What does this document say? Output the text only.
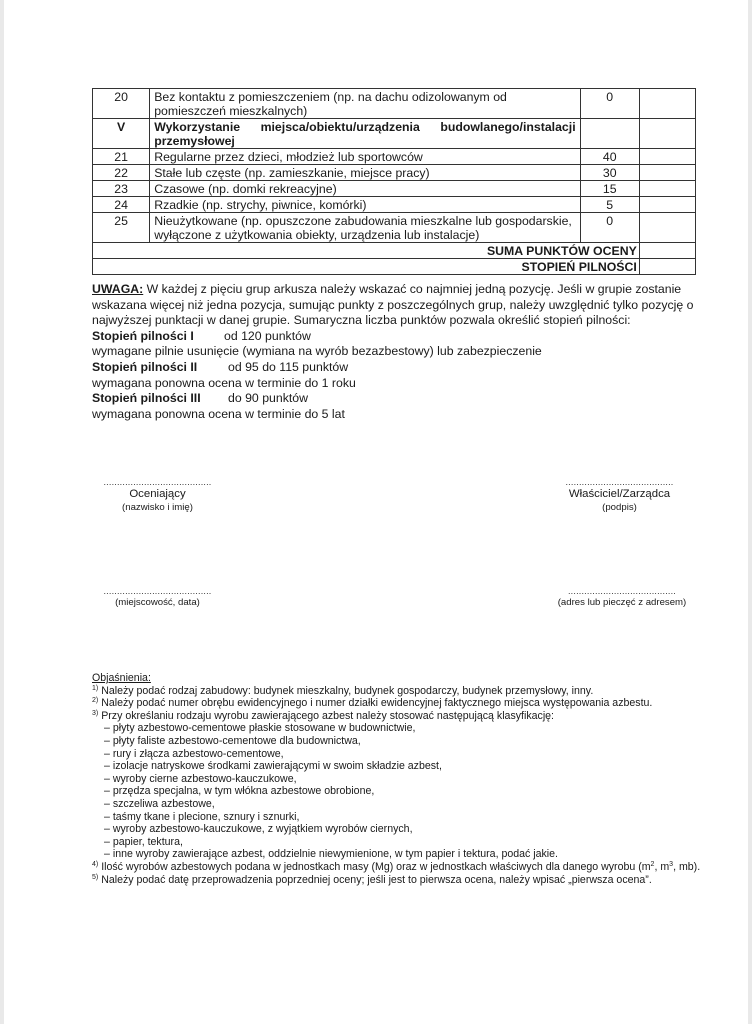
20	Bez kontaktu z pomieszczeniem (np. na dachu odizolowanym od pomieszczeń mieszkalnych)	0	
V	Wykorzystanie miejsca/obiektu/urządzenia budowlanego/instalacji przemysłowej		
21	Regularne przez dzieci, młodzież lub sportowców	40	
22	Stałe lub częste (np. zamieszkanie, miejsce pracy)	30	
23	Czasowe (np. domki rekreacyjne)	15	
24	Rzadkie (np. strychy, piwnice, komórki)	5	
25	Nieużytkowane (np. opuszczone zabudowania mieszkalne lub gospodarskie, wyłączone z użytkowania obiekty, urządzenia lub instalacje)	0	
SUMA PUNKTÓW OCENY			
STOPIEŃ PILNOŚCI			
UWAGA: W każdej z pięciu grup arkusza należy wskazać co najmniej jedną pozycję. Jeśli w grupie zostanie wskazana więcej niż jedna pozycja, sumując punkty z poszczególnych grup, należy uwzględnić tylko pozycję o najwyższej punktacji w danej grupie. Sumaryczna liczba punktów pozwala określić stopień pilności:
Stopień pilności I od 120 punktów
wymagane pilnie usunięcie (wymiana na wyrób bezazbestowy) lub zabezpieczenie
Stopień pilności II	od 95 do 115 punktów
wymagana ponowna ocena w terminie do 1 roku
Stopień pilności III do 90 punktów
wymagana ponowna ocena w terminie do 5 lat
........................................
Oceniający
(nazwisko i imię)
........................................
Właściciel/Zarządca
(podpis)
........................................
(miejscowość, data)
........................................
(adres lub pieczęć z adresem)
Objaśnienia:
$^{1)}$ Należy podać rodzaj zabudowy: budynek mieszkalny, budynek gospodarczy, budynek przemysłowy, inny.
$^{2)}$ Należy podać numer obrębu ewidencyjnego i numer działki ewidencyjnej faktycznego miejsca występowania azbestu.
$^{3)}$ Przy określaniu rodzaju wyrobu zawierającego azbest należy stosować następującą klasyfikację:
– płyty azbestowo-cementowe płaskie stosowane w budownictwie,
– płyty faliste azbestowo-cementowe dla budownictwa,
– rury i złącza azbestowo-cementowe,
– izolacje natryskowe środkami zawierającymi w swoim składzie azbest,
– wyroby cierne azbestowo-kauczukowe,
– przędza specjalna, w tym włókna azbestowe obrobione,
– szczeliwa azbestowe,
– taśmy tkane i plecione, sznury i sznurki,
– wyroby azbestowo-kauczukowe, z wyjątkiem wyrobów ciernych,
– papier, tektura,
– inne wyroby zawierające azbest, oddzielnie niewymienione, w tym papier i tektura, podać jakie.
$^{4)}$ Ilość wyrobów azbestowych podana w jednostkach masy (Mg) oraz w jednostkach właściwych dla danego wyrobu ($m^2$, $m^3$, mb).
$^{5)}$ Należy podać datę przeprowadzenia poprzedniej oceny; jeśli jest to pierwsza ocena, należy wpisać „pierwsza ocena”.
